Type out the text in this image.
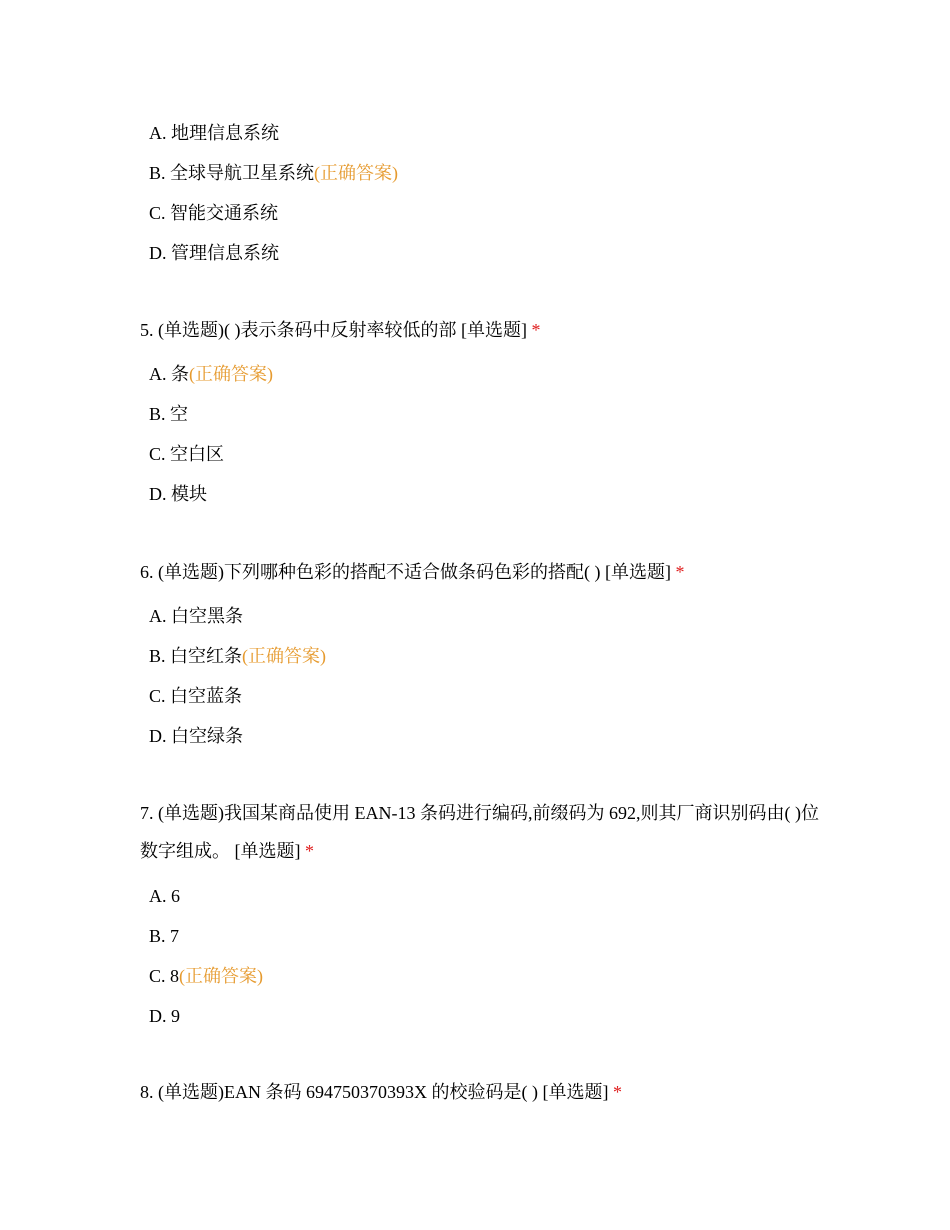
A. 地理信息系统
B. 全球导航卫星系统(正确答案)
C. 智能交通系统
D. 管理信息系统
5. (单选题)( )表示条码中反射率较低的部 [单选题] *
A. 条(正确答案)
B. 空
C. 空白区
D. 模块
6. (单选题)下列哪种色彩的搭配不适合做条码色彩的搭配( ) [单选题] *
A. 白空黑条
B. 白空红条(正确答案)
C. 白空蓝条
D. 白空绿条
7. (单选题)我国某商品使用 EAN-13 条码进行编码,前缀码为 692,则其厂商识别码由( )位数字组成。 [单选题] *
A. 6
B. 7
C. 8(正确答案)
D. 9
8. (单选题)EAN 条码 694750370393X 的校验码是( ) [单选题] *
